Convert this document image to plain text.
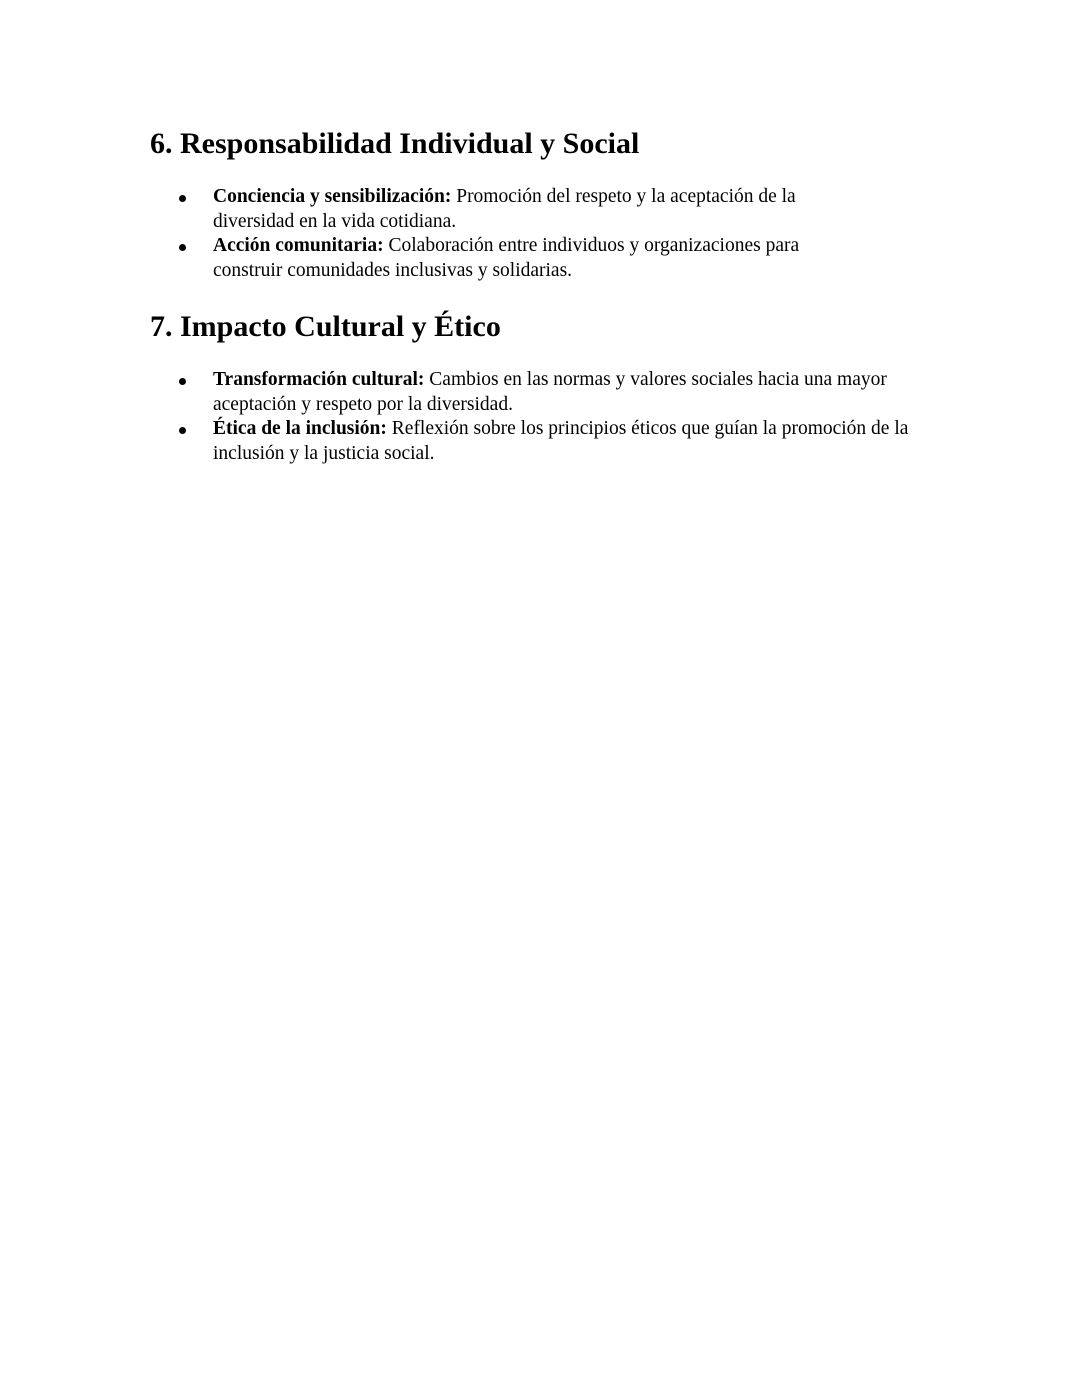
6. Responsabilidad Individual y Social
Conciencia y sensibilización: Promoción del respeto y la aceptación de la diversidad en la vida cotidiana.
Acción comunitaria: Colaboración entre individuos y organizaciones para construir comunidades inclusivas y solidarias.
7. Impacto Cultural y Ético
Transformación cultural: Cambios en las normas y valores sociales hacia una mayor aceptación y respeto por la diversidad.
Ética de la inclusión: Reflexión sobre los principios éticos que guían la promoción de la inclusión y la justicia social.
